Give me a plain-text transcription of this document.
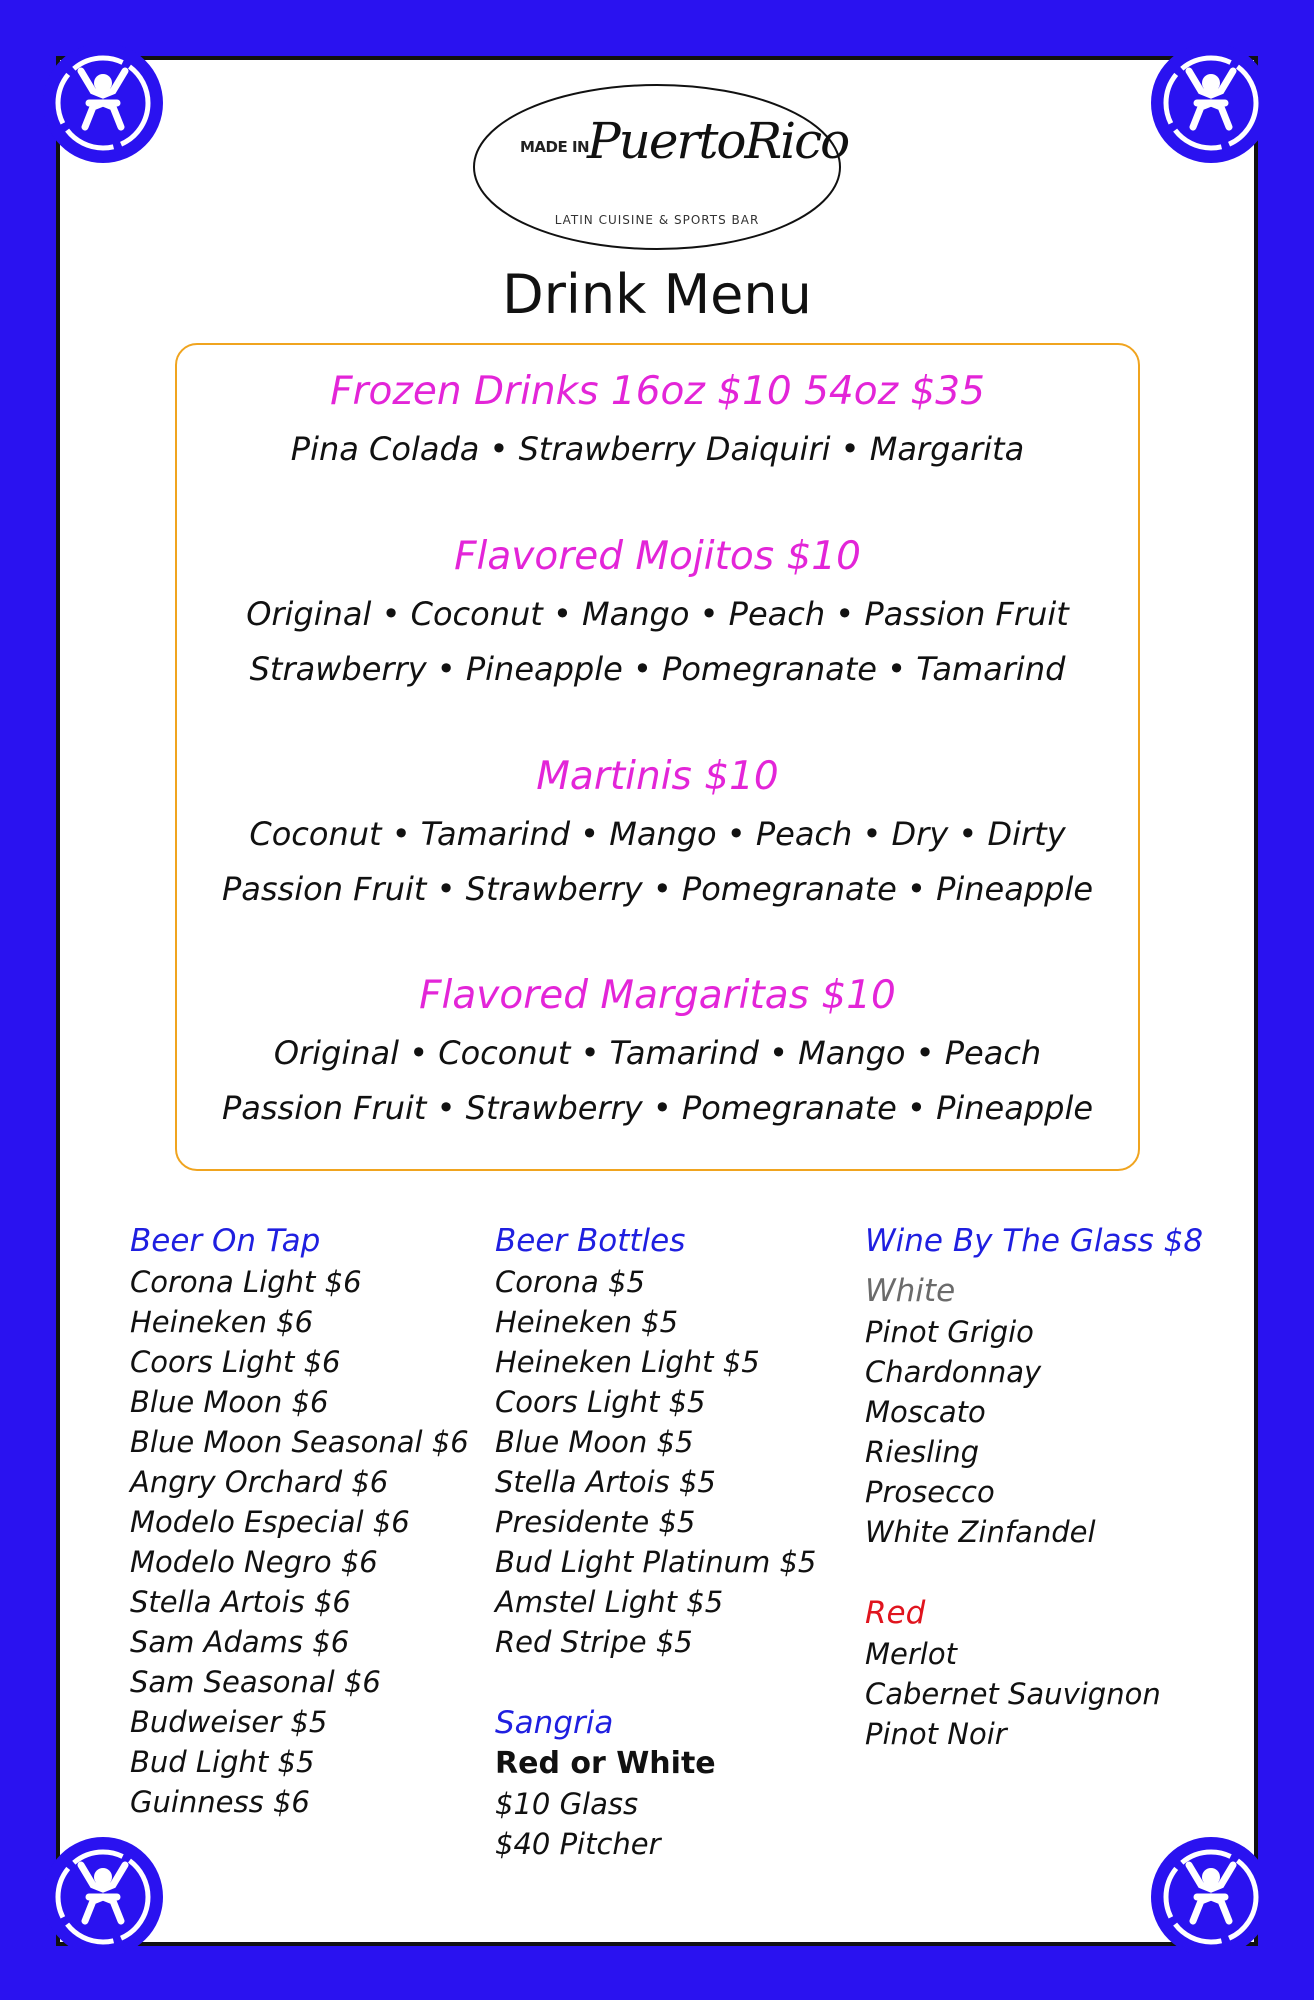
MADE IN
PuertoRico
LATIN CUISINE & SPORTS BAR
Drink Menu
Frozen Drinks 16oz $10 54oz $35
Pina Colada • Strawberry Daiquiri • Margarita
Flavored Mojitos $10
Original • Coconut • Mango • Peach • Passion Fruit
Strawberry • Pineapple • Pomegranate • Tamarind
Martinis $10
Coconut • Tamarind • Mango • Peach • Dry • Dirty
Passion Fruit • Strawberry • Pomegranate • Pineapple
Flavored Margaritas $10
Original • Coconut • Tamarind • Mango • Peach
Passion Fruit • Strawberry • Pomegranate • Pineapple
Beer On Tap
Corona Light $6
Heineken $6
Coors Light $6
Blue Moon $6
Blue Moon Seasonal $6
Angry Orchard $6
Modelo Especial $6
Modelo Negro $6
Stella Artois $6
Sam Adams $6
Sam Seasonal $6
Budweiser $5
Bud Light $5
Guinness $6
Beer Bottles
Corona $5
Heineken $5
Heineken Light $5
Coors Light $5
Blue Moon $5
Stella Artois $5
Presidente $5
Bud Light Platinum $5
Amstel Light $5
Red Stripe $5
Sangria
Red or White
$10 Glass
$40 Pitcher
Wine By The Glass $8
White
Pinot Grigio
Chardonnay
Moscato
Riesling
Prosecco
White Zinfandel
Red
Merlot
Cabernet Sauvignon
Pinot Noir
